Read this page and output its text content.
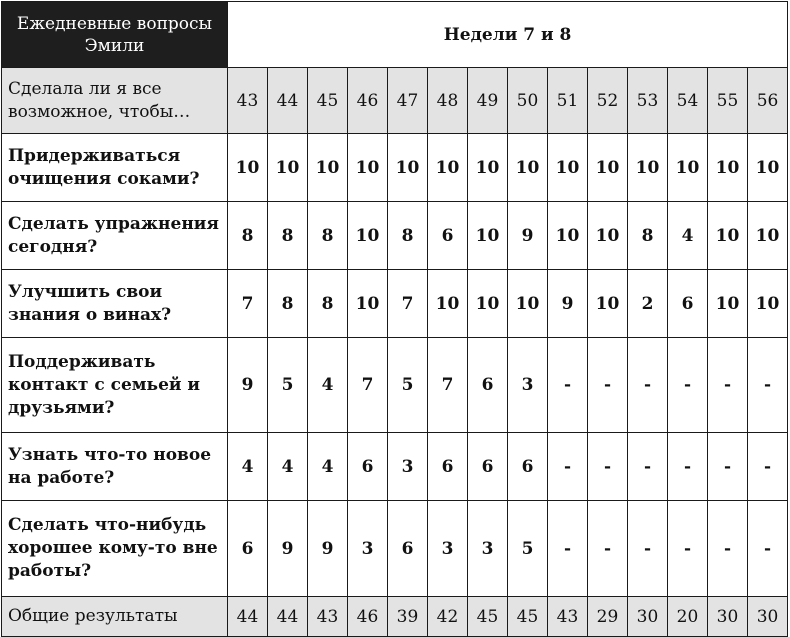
Ежедневные вопросы Эмили	Недели 7 и 8													
Сделала ли я все возможное, чтобы…	43	44	45	46	47	48	49	50	51	52	53	54	55	56
Придерживаться очищения соками?	10	10	10	10	10	10	10	10	10	10	10	10	10	10
Сделать упражнения сегодня?	8	8	8	10	8	6	10	9	10	10	8	4	10	10
Улучшить свои знания о винах?	7	8	8	10	7	10	10	10	9	10	2	6	10	10
Поддерживать контакт с семьей и друзьями?	9	5	4	7	5	7	6	3	-	-	-	-	-	-
Узнать что-то новое на работе?	4	4	4	6	3	6	6	6	-	-	-	-	-	-
Сделать что-нибудь хорошее кому-то вне работы?	6	9	9	3	6	3	3	5	-	-	-	-	-	-
Общие результаты	44	44	43	46	39	42	45	45	43	29	30	20	30	30
